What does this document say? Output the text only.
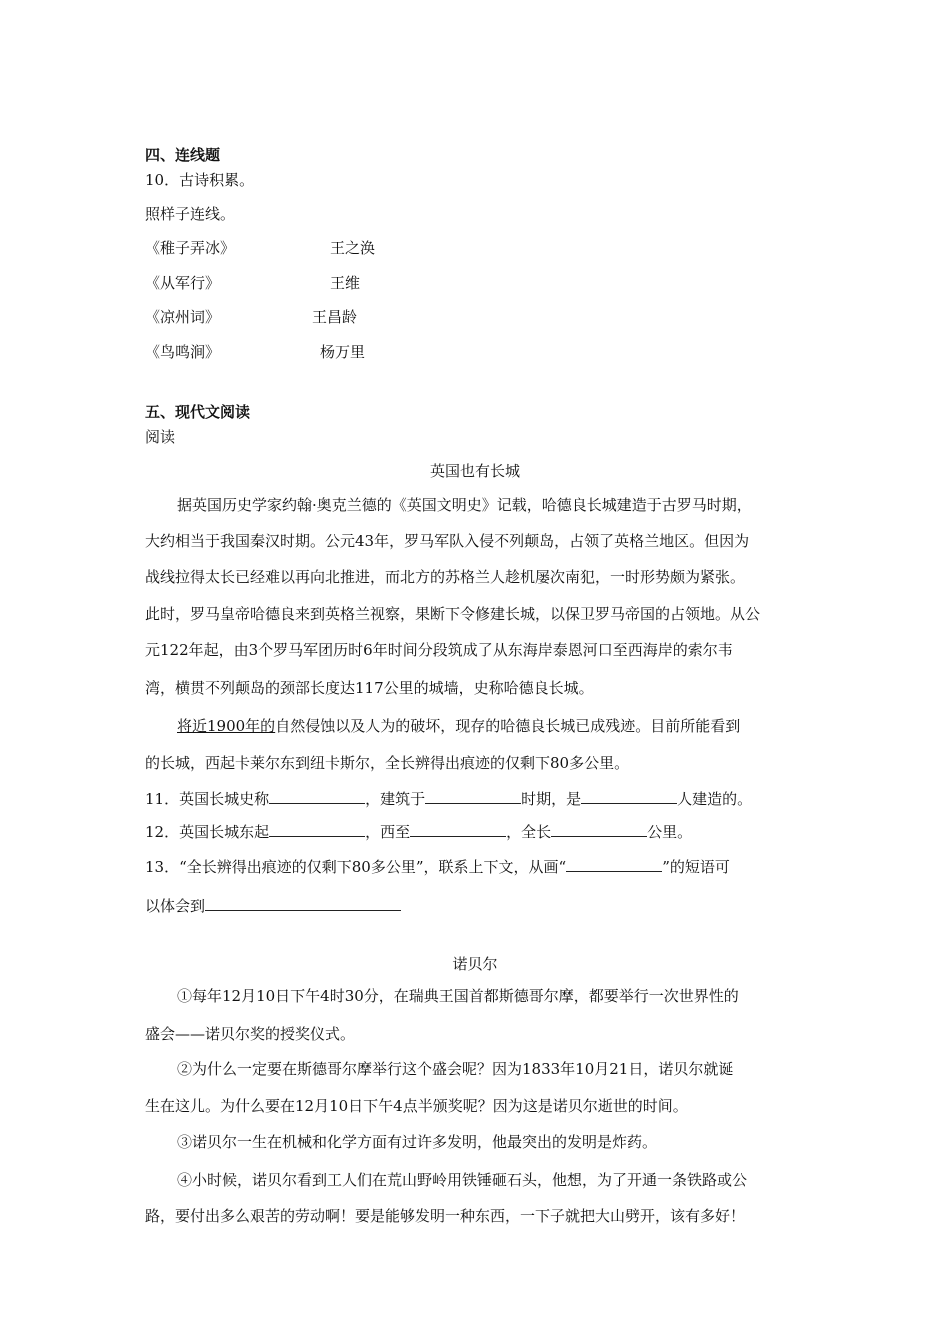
四、连线题
10．古诗积累。
照样子连线。
《稚子弄冰》	王之涣
《从军行》	王维
《凉州词》	王昌龄
《鸟鸣涧》	杨万里
五、现代文阅读
阅读
英国也有长城
据英国历史学家约翰·奥克兰德的《英国文明史》记载，哈德良长城建造于古罗马时期，
大约相当于我国秦汉时期。公元43年，罗马军队入侵不列颠岛，占领了英格兰地区。但因为
战线拉得太长已经难以再向北推进，而北方的苏格兰人趁机屡次南犯，一时形势颇为紧张。
此时，罗马皇帝哈德良来到英格兰视察，果断下令修建长城，以保卫罗马帝国的占领地。从公
元122年起，由3个罗马军团历时6年时间分段筑成了从东海岸泰恩河口至西海岸的索尔韦
湾，横贯不列颠岛的颈部长度达117公里的城墙，史称哈德良长城。
将近1900年的自然侵蚀以及人为的破坏，现存的哈德良长城已成残迹。目前所能看到
的长城，西起卡莱尔东到纽卡斯尔，全长辨得出痕迹的仅剩下80多公里。
11．英国长城史称	，建筑于	时期，是	人建造的。
12．英国长城东起	，西至	，全长	公里。
13．“全长辨得出痕迹的仅剩下80多公里”，联系上下文，从画“	”的短语可
以体会到
诺贝尔
①每年12月10日下午4时30分，在瑞典王国首都斯德哥尔摩，都要举行一次世界性的
盛会——诺贝尔奖的授奖仪式。
②为什么一定要在斯德哥尔摩举行这个盛会呢？因为1833年10月21日，诺贝尔就诞
生在这儿。为什么要在12月10日下午4点半颁奖呢？因为这是诺贝尔逝世的时间。
③诺贝尔一生在机械和化学方面有过许多发明，他最突出的发明是炸药。
④小时候，诺贝尔看到工人们在荒山野岭用铁锤砸石头，他想，为了开通一条铁路或公
路，要付出多么艰苦的劳动啊！要是能够发明一种东西，一下子就把大山劈开，该有多好！
